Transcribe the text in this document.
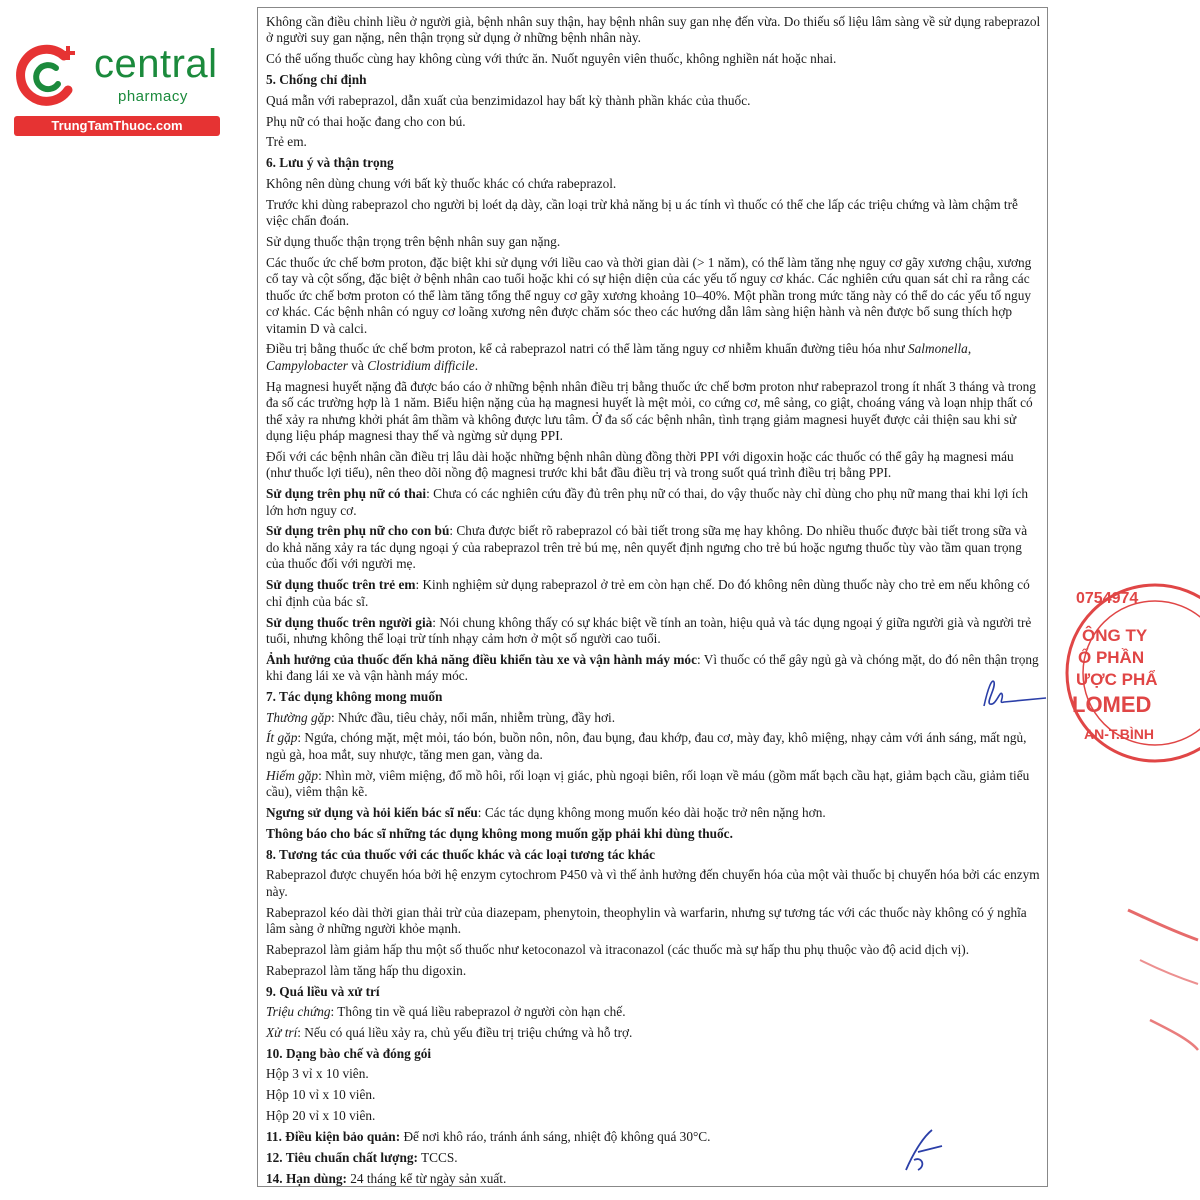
central
pharmacy
TrungTamThuoc.com

Không cần điều chỉnh liều ở người già, bệnh nhân suy thận, hay bệnh nhân suy gan nhẹ đến vừa. Do thiếu số liệu lâm sàng về sử dụng rabeprazol ở người suy gan nặng, nên thận trọng sử dụng ở những bệnh nhân này.

Có thể uống thuốc cùng hay không cùng với thức ăn. Nuốt nguyên viên thuốc, không nghiền nát hoặc nhai.

5. Chống chỉ định

Quá mẫn với rabeprazol, dẫn xuất của benzimidazol hay bất kỳ thành phần khác của thuốc.

Phụ nữ có thai hoặc đang cho con bú.

Trẻ em.

6. Lưu ý và thận trọng

Không nên dùng chung với bất kỳ thuốc khác có chứa rabeprazol.

Trước khi dùng rabeprazol cho người bị loét dạ dày, cần loại trừ khả năng bị u ác tính vì thuốc có thể che lấp các triệu chứng và làm chậm trễ việc chẩn đoán.

Sử dụng thuốc thận trọng trên bệnh nhân suy gan nặng.

Các thuốc ức chế bơm proton, đặc biệt khi sử dụng với liều cao và thời gian dài (> 1 năm), có thể làm tăng nhẹ nguy cơ gãy xương chậu, xương cổ tay và cột sống, đặc biệt ở bệnh nhân cao tuổi hoặc khi có sự hiện diện của các yếu tố nguy cơ khác. Các nghiên cứu quan sát chỉ ra rằng các thuốc ức chế bơm proton có thể làm tăng tổng thể nguy cơ gãy xương khoảng 10–40%. Một phần trong mức tăng này có thể do các yếu tố nguy cơ khác. Các bệnh nhân có nguy cơ loãng xương nên được chăm sóc theo các hướng dẫn lâm sàng hiện hành và nên được bổ sung thích hợp vitamin D và calci.

Điều trị bằng thuốc ức chế bơm proton, kể cả rabeprazol natri có thể làm tăng nguy cơ nhiễm khuẩn đường tiêu hóa như Salmonella, Campylobacter và Clostridium difficile.

Hạ magnesi huyết nặng đã được báo cáo ở những bệnh nhân điều trị bằng thuốc ức chế bơm proton như rabeprazol trong ít nhất 3 tháng và trong đa số các trường hợp là 1 năm. Biểu hiện nặng của hạ magnesi huyết là mệt mỏi, co cứng cơ, mê sảng, co giật, choáng váng và loạn nhịp thất có thể xảy ra nhưng khởi phát âm thầm và không được lưu tâm. Ở đa số các bệnh nhân, tình trạng giảm magnesi huyết được cải thiện sau khi sử dụng liệu pháp magnesi thay thế và ngừng sử dụng PPI.

Đối với các bệnh nhân cần điều trị lâu dài hoặc những bệnh nhân dùng đồng thời PPI với digoxin hoặc các thuốc có thể gây hạ magnesi máu (như thuốc lợi tiểu), nên theo dõi nồng độ magnesi trước khi bắt đầu điều trị và trong suốt quá trình điều trị bằng PPI.

Sử dụng trên phụ nữ có thai: Chưa có các nghiên cứu đầy đủ trên phụ nữ có thai, do vậy thuốc này chỉ dùng cho phụ nữ mang thai khi lợi ích lớn hơn nguy cơ.

Sử dụng trên phụ nữ cho con bú: Chưa được biết rõ rabeprazol có bài tiết trong sữa mẹ hay không. Do nhiều thuốc được bài tiết trong sữa và do khả năng xảy ra tác dụng ngoại ý của rabeprazol trên trẻ bú mẹ, nên quyết định ngưng cho trẻ bú hoặc ngưng thuốc tùy vào tầm quan trọng của thuốc đối với người mẹ.

Sử dụng thuốc trên trẻ em: Kinh nghiệm sử dụng rabeprazol ở trẻ em còn hạn chế. Do đó không nên dùng thuốc này cho trẻ em nếu không có chỉ định của bác sĩ.

Sử dụng thuốc trên người già: Nói chung không thấy có sự khác biệt về tính an toàn, hiệu quả và tác dụng ngoại ý giữa người già và người trẻ tuổi, nhưng không thể loại trừ tính nhạy cảm hơn ở một số người cao tuổi.

Ảnh hưởng của thuốc đến khả năng điều khiển tàu xe và vận hành máy móc: Vì thuốc có thể gây ngủ gà và chóng mặt, do đó nên thận trọng khi đang lái xe và vận hành máy móc.

7. Tác dụng không mong muốn

Thường gặp: Nhức đầu, tiêu chảy, nổi mẩn, nhiễm trùng, đầy hơi.

Ít gặp: Ngứa, chóng mặt, mệt mỏi, táo bón, buồn nôn, nôn, đau bụng, đau khớp, đau cơ, mày đay, khô miệng, nhạy cảm với ánh sáng, mất ngủ, ngủ gà, hoa mắt, suy nhược, tăng men gan, vàng da.

Hiếm gặp: Nhìn mờ, viêm miệng, đổ mồ hôi, rối loạn vị giác, phù ngoại biên, rối loạn về máu (gồm mất bạch cầu hạt, giảm bạch cầu, giảm tiểu cầu), viêm thận kẽ.

Ngưng sử dụng và hỏi kiến bác sĩ nếu: Các tác dụng không mong muốn kéo dài hoặc trở nên nặng hơn.

Thông báo cho bác sĩ những tác dụng không mong muốn gặp phải khi dùng thuốc.

8. Tương tác của thuốc với các thuốc khác và các loại tương tác khác

Rabeprazol được chuyển hóa bởi hệ enzym cytochrom P450 và vì thế ảnh hưởng đến chuyển hóa của một vài thuốc bị chuyển hóa bởi các enzym này.

Rabeprazol kéo dài thời gian thải trừ của diazepam, phenytoin, theophylin và warfarin, nhưng sự tương tác với các thuốc này không có ý nghĩa lâm sàng ở những người khỏe mạnh.

Rabeprazol làm giảm hấp thu một số thuốc như ketoconazol và itraconazol (các thuốc mà sự hấp thu phụ thuộc vào độ acid dịch vị).

Rabeprazol làm tăng hấp thu digoxin.

9. Quá liều và xử trí

Triệu chứng: Thông tin về quá liều rabeprazol ở người còn hạn chế.

Xử trí: Nếu có quá liều xảy ra, chủ yếu điều trị triệu chứng và hỗ trợ.

10. Dạng bào chế và đóng gói

Hộp 3 vỉ x 10 viên.

Hộp 10 vỉ x 10 viên.

Hộp 20 vỉ x 10 viên.

11. Điều kiện bảo quản: Để nơi khô ráo, tránh ánh sáng, nhiệt độ không quá 30°C.

12. Tiêu chuẩn chất lượng: TCCS.

14. Hạn dùng: 24 tháng kể từ ngày sản xuất.

0754974
ÔNG TY
Ổ PHẦN
ƯỢC PHẨ
LOMED
AN-T.BÌNH
